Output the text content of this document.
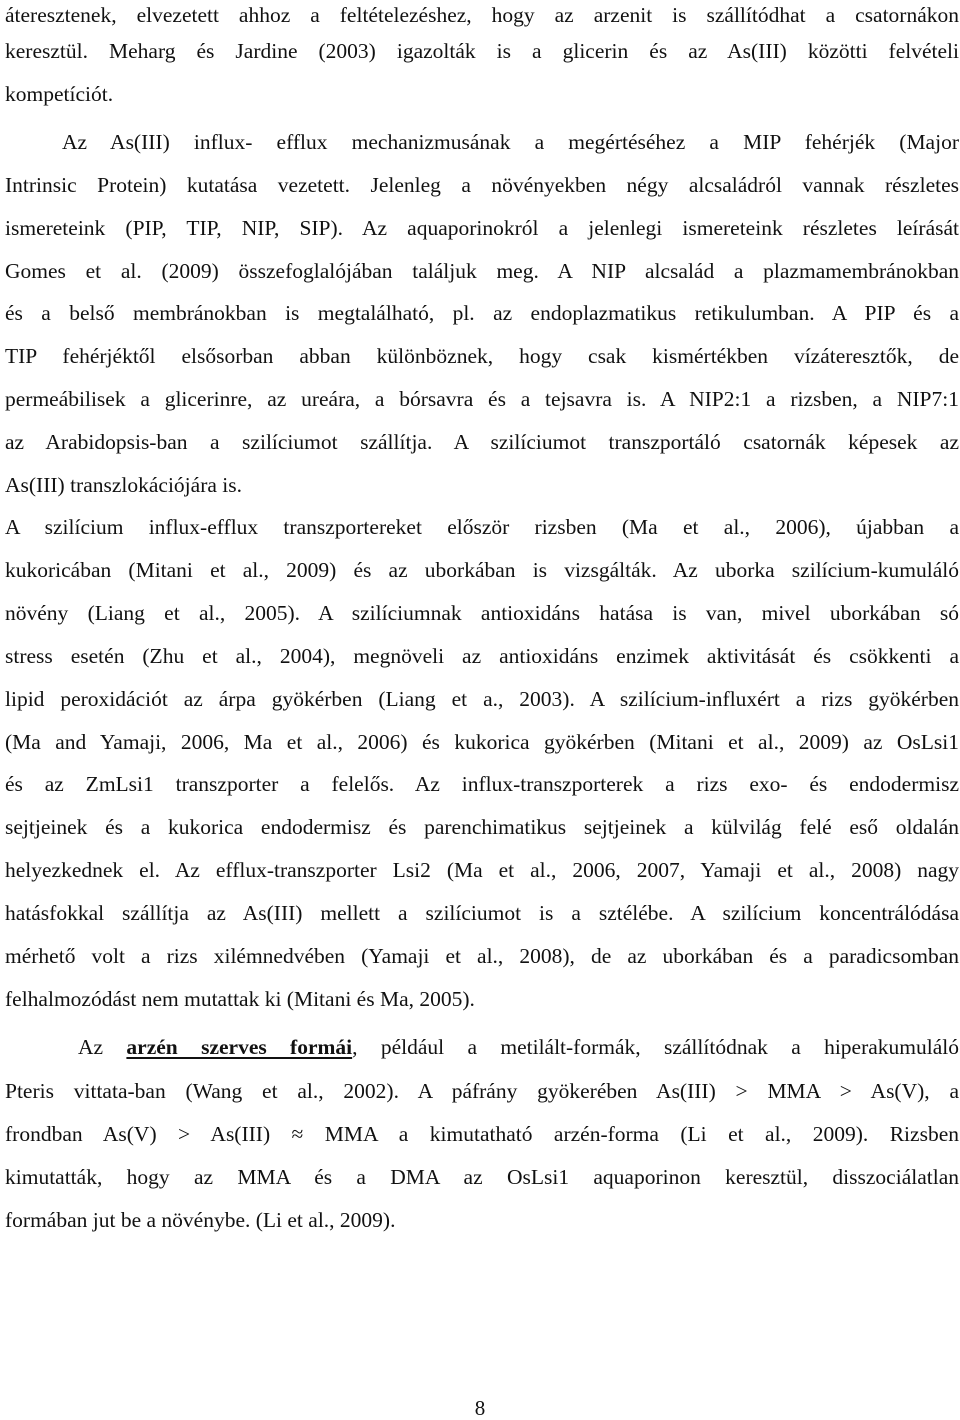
áteresztenek, elvezetett ahhoz a feltételezéshez, hogy az arzenit is szállítódhat a csatornákon
keresztül. Meharg és Jardine (2003) igazolták is a glicerin és az As(III) közötti felvételi
kompetíciót.
Az As(III) influx- efflux mechanizmusának a megértéséhez a MIP fehérjék (Major
Intrinsic Protein) kutatása vezetett. Jelenleg a növényekben négy alcsaládról vannak részletes
ismereteink (PIP, TIP, NIP, SIP). Az aquaporinokról a jelenlegi ismereteink részletes leírását
Gomes et al. (2009) összefoglalójában találjuk meg. A NIP alcsalád a plazmamembránokban
és a belső membránokban is megtalálható, pl. az endoplazmatikus retikulumban. A PIP és a
TIP fehérjéktől elsősorban abban különböznek, hogy csak kismértékben vízáteresztők, de
permeábilisek a glicerinre, az ureára, a bórsavra és a tejsavra is. A NIP2:1 a rizsben, a NIP7:1
az Arabidopsis-ban a szilíciumot szállítja. A szilíciumot transzportáló csatornák képesek az
As(III) transzlokációjára is.
A szilícium influx-efflux transzportereket először rizsben (Ma et al., 2006), újabban a
kukoricában (Mitani et al., 2009) és az uborkában is vizsgálták. Az uborka szilícium-kumuláló
növény (Liang et al., 2005). A szilíciumnak antioxidáns hatása is van, mivel uborkában só
stress esetén (Zhu et al., 2004), megnöveli az antioxidáns enzimek aktivitását és csökkenti a
lipid peroxidációt az árpa gyökérben (Liang et a., 2003). A szilícium-influxért a rizs gyökérben
(Ma and Yamaji, 2006, Ma et al., 2006) és kukorica gyökérben (Mitani et al., 2009) az OsLsi1
és az ZmLsi1 transzporter a felelős. Az influx-transzporterek a rizs exo- és endodermisz
sejtjeinek és a kukorica endodermisz és parenchimatikus sejtjeinek a külvilág felé eső oldalán
helyezkednek el. Az efflux-transzporter Lsi2 (Ma et al., 2006, 2007, Yamaji et al., 2008) nagy
hatásfokkal szállítja az As(III) mellett a szilíciumot is a sztélébe. A szilícium koncentrálódása
mérhető volt a rizs xilémnedvében (Yamaji et al., 2008), de az uborkában és a paradicsomban
felhalmozódást nem mutattak ki (Mitani és Ma, 2005).
Az arzén szerves formái, például a metilált-formák, szállítódnak a hiperakumuláló
Pteris vittata-ban (Wang et al., 2002). A páfrány gyökerében As(III) > MMA > As(V), a
frondban As(V) > As(III) ≈ MMA a kimutatható arzén-forma (Li et al., 2009). Rizsben
kimutatták, hogy az MMA és a DMA az OsLsi1 aquaporinon keresztül, disszociálatlan
formában jut be a növénybe. (Li et al., 2009).
8
